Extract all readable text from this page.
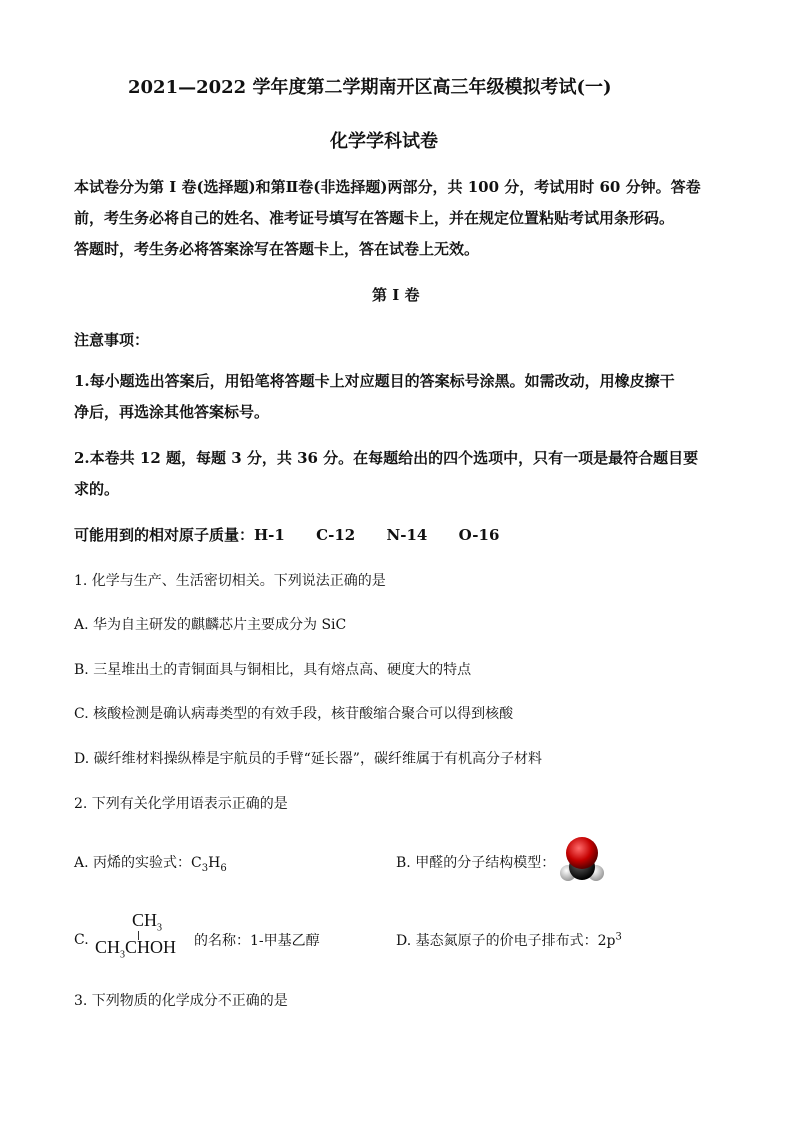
2021—2022 学年度第二学期南开区高三年级模拟考试(一)
化学学科试卷
本试卷分为第 I 卷(选择题)和第Ⅱ卷(非选择题)两部分，共 100 分，考试用时 60 分钟。答卷
前，考生务必将自己的姓名、准考证号填写在答题卡上，并在规定位置粘贴考试用条形码。
答题时，考生务必将答案涂写在答题卡上，答在试卷上无效。
第 I 卷
注意事项：
1.每小题选出答案后，用铅笔将答题卡上对应题目的答案标号涂黑。如需改动，用橡皮擦干
净后，再选涂其他答案标号。
2.本卷共 12 题，每题 3 分，共 36 分。在每题给出的四个选项中，只有一项是最符合题目要
求的。
可能用到的相对原子质量：H-1      C-12      N-14      O-16
1. 化学与生产、生活密切相关。下列说法正确的是
A. 华为自主研发的麒麟芯片主要成分为 SiC
B. 三星堆出土的青铜面具与铜相比，具有熔点高、硬度大的特点
C. 核酸检测是确认病毒类型的有效手段，核苷酸缩合聚合可以得到核酸
D. 碳纤维材料操纵棒是宇航员的手臂“延长器”，碳纤维属于有机高分子材料
2. 下列有关化学用语表示正确的是
A. 丙烯的实验式：$C_3H_6$	B. 甲醛的分子结构模型：
C.
$CH_3$
$CH_3CHOH$ 的名称：1-甲基乙醇	D. 基态氮原子的价电子排布式：$2p^3$
3. 下列物质的化学成分不正确的是
